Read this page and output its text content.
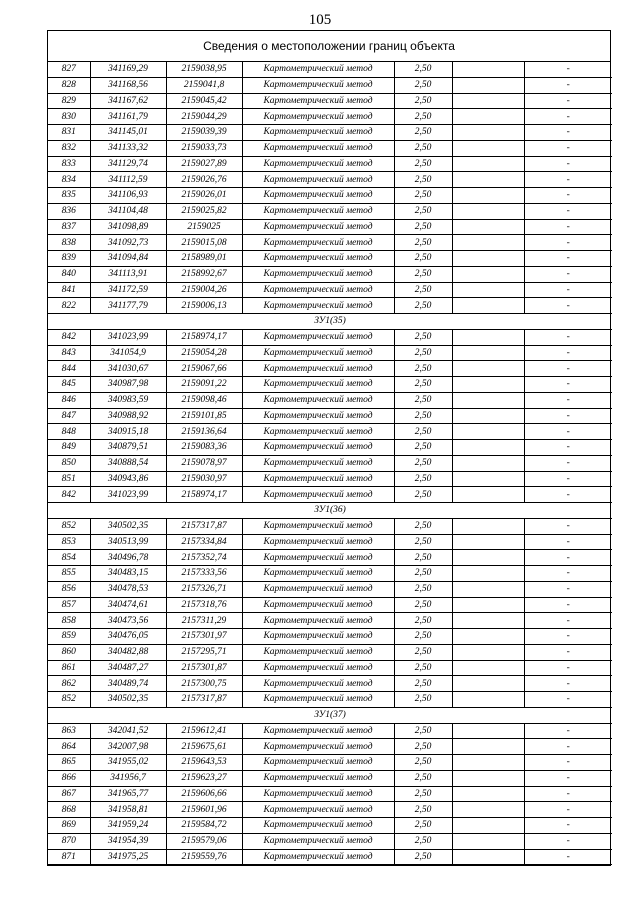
105
Сведения о местоположении границ объекта
827	341169,29	2159038,95	Картометрический метод	2,50		-
828	341168,56	2159041,8	Картометрический метод	2,50		-
829	341167,62	2159045,42	Картометрический метод	2,50		-
830	341161,79	2159044,29	Картометрический метод	2,50		-
831	341145,01	2159039,39	Картометрический метод	2,50		-
832	341133,32	2159033,73	Картометрический метод	2,50		-
833	341129,74	2159027,89	Картометрический метод	2,50		-
834	341112,59	2159026,76	Картометрический метод	2,50		-
835	341106,93	2159026,01	Картометрический метод	2,50		-
836	341104,48	2159025,82	Картометрический метод	2,50		-
837	341098,89	2159025	Картометрический метод	2,50		-
838	341092,73	2159015,08	Картометрический метод	2,50		-
839	341094,84	2158989,01	Картометрический метод	2,50		-
840	341113,91	2158992,67	Картометрический метод	2,50		-
841	341172,59	2159004,26	Картометрический метод	2,50		-
822	341177,79	2159006,13	Картометрический метод	2,50		-
ЗУ1(35)						
842	341023,99	2158974,17	Картометрический метод	2,50		-
843	341054,9	2159054,28	Картометрический метод	2,50		-
844	341030,67	2159067,66	Картометрический метод	2,50		-
845	340987,98	2159091,22	Картометрический метод	2,50		-
846	340983,59	2159098,46	Картометрический метод	2,50		-
847	340988,92	2159101,85	Картометрический метод	2,50		-
848	340915,18	2159136,64	Картометрический метод	2,50		-
849	340879,51	2159083,36	Картометрический метод	2,50		-
850	340888,54	2159078,97	Картометрический метод	2,50		-
851	340943,86	2159030,97	Картометрический метод	2,50		-
842	341023,99	2158974,17	Картометрический метод	2,50		-
ЗУ1(36)						
852	340502,35	2157317,87	Картометрический метод	2,50		-
853	340513,99	2157334,84	Картометрический метод	2,50		-
854	340496,78	2157352,74	Картометрический метод	2,50		-
855	340483,15	2157333,56	Картометрический метод	2,50		-
856	340478,53	2157326,71	Картометрический метод	2,50		-
857	340474,61	2157318,76	Картометрический метод	2,50		-
858	340473,56	2157311,29	Картометрический метод	2,50		-
859	340476,05	2157301,97	Картометрический метод	2,50		-
860	340482,88	2157295,71	Картометрический метод	2,50		-
861	340487,27	2157301,87	Картометрический метод	2,50		-
862	340489,74	2157300,75	Картометрический метод	2,50		-
852	340502,35	2157317,87	Картометрический метод	2,50		-
ЗУ1(37)						
863	342041,52	2159612,41	Картометрический метод	2,50		-
864	342007,98	2159675,61	Картометрический метод	2,50		-
865	341955,02	2159643,53	Картометрический метод	2,50		-
866	341956,7	2159623,27	Картометрический метод	2,50		-
867	341965,77	2159606,66	Картометрический метод	2,50		-
868	341958,81	2159601,96	Картометрический метод	2,50		-
869	341959,24	2159584,72	Картометрический метод	2,50		-
870	341954,39	2159579,06	Картометрический метод	2,50		-
871	341975,25	2159559,76	Картометрический метод	2,50		-
